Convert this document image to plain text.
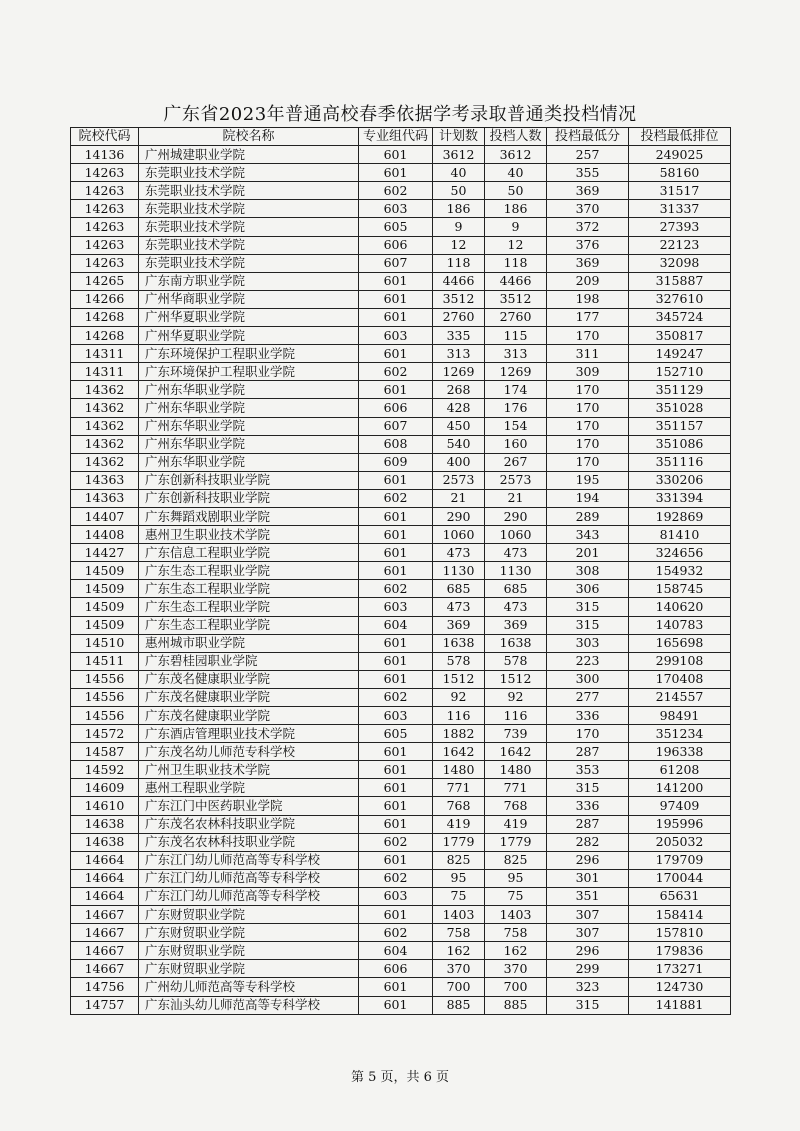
广东省2023年普通高校春季依据学考录取普通类投档情况
院校代码	院校名称	专业组代码	计划数	投档人数	投档最低分	投档最低排位
14136	广州城建职业学院	601	3612	3612	257	249025
14263	东莞职业技术学院	601	40	40	355	58160
14263	东莞职业技术学院	602	50	50	369	31517
14263	东莞职业技术学院	603	186	186	370	31337
14263	东莞职业技术学院	605	9	9	372	27393
14263	东莞职业技术学院	606	12	12	376	22123
14263	东莞职业技术学院	607	118	118	369	32098
14265	广东南方职业学院	601	4466	4466	209	315887
14266	广州华商职业学院	601	3512	3512	198	327610
14268	广州华夏职业学院	601	2760	2760	177	345724
14268	广州华夏职业学院	603	335	115	170	350817
14311	广东环境保护工程职业学院	601	313	313	311	149247
14311	广东环境保护工程职业学院	602	1269	1269	309	152710
14362	广州东华职业学院	601	268	174	170	351129
14362	广州东华职业学院	606	428	176	170	351028
14362	广州东华职业学院	607	450	154	170	351157
14362	广州东华职业学院	608	540	160	170	351086
14362	广州东华职业学院	609	400	267	170	351116
14363	广东创新科技职业学院	601	2573	2573	195	330206
14363	广东创新科技职业学院	602	21	21	194	331394
14407	广东舞蹈戏剧职业学院	601	290	290	289	192869
14408	惠州卫生职业技术学院	601	1060	1060	343	81410
14427	广东信息工程职业学院	601	473	473	201	324656
14509	广东生态工程职业学院	601	1130	1130	308	154932
14509	广东生态工程职业学院	602	685	685	306	158745
14509	广东生态工程职业学院	603	473	473	315	140620
14509	广东生态工程职业学院	604	369	369	315	140783
14510	惠州城市职业学院	601	1638	1638	303	165698
14511	广东碧桂园职业学院	601	578	578	223	299108
14556	广东茂名健康职业学院	601	1512	1512	300	170408
14556	广东茂名健康职业学院	602	92	92	277	214557
14556	广东茂名健康职业学院	603	116	116	336	98491
14572	广东酒店管理职业技术学院	605	1882	739	170	351234
14587	广东茂名幼儿师范专科学校	601	1642	1642	287	196338
14592	广州卫生职业技术学院	601	1480	1480	353	61208
14609	惠州工程职业学院	601	771	771	315	141200
14610	广东江门中医药职业学院	601	768	768	336	97409
14638	广东茂名农林科技职业学院	601	419	419	287	195996
14638	广东茂名农林科技职业学院	602	1779	1779	282	205032
14664	广东江门幼儿师范高等专科学校	601	825	825	296	179709
14664	广东江门幼儿师范高等专科学校	602	95	95	301	170044
14664	广东江门幼儿师范高等专科学校	603	75	75	351	65631
14667	广东财贸职业学院	601	1403	1403	307	158414
14667	广东财贸职业学院	602	758	758	307	157810
14667	广东财贸职业学院	604	162	162	296	179836
14667	广东财贸职业学院	606	370	370	299	173271
14756	广州幼儿师范高等专科学校	601	700	700	323	124730
14757	广东汕头幼儿师范高等专科学校	601	885	885	315	141881
第 5 页，共 6 页
